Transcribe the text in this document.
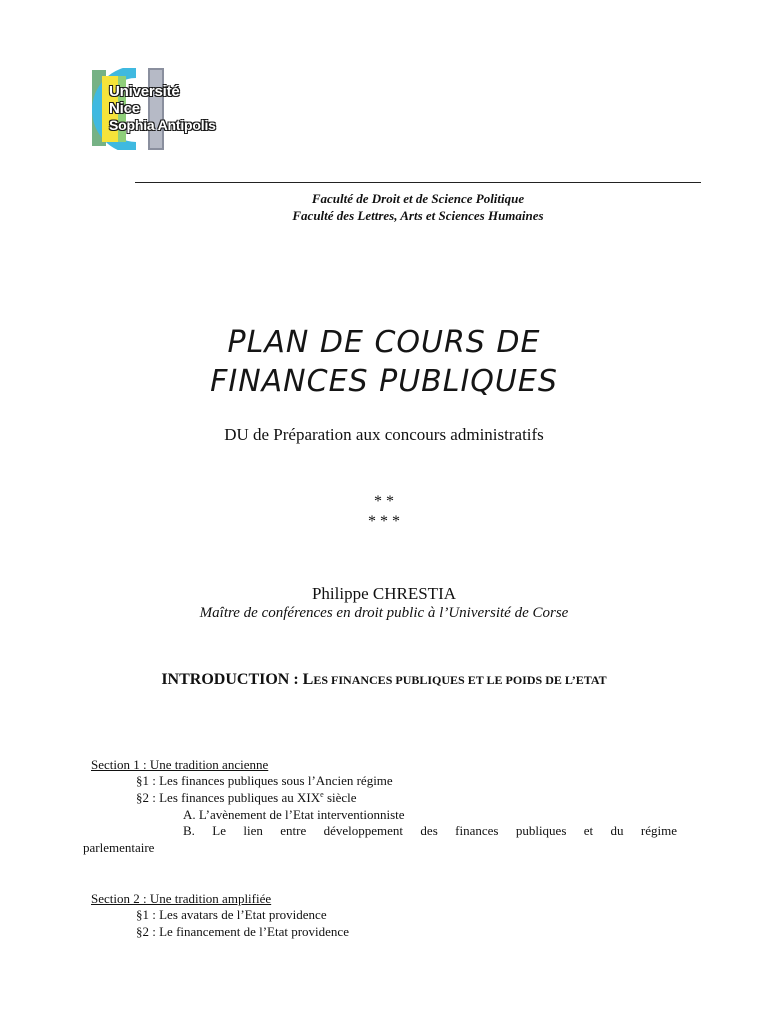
Université
Nice
Sophia Antipolis
Faculté de Droit et de Science Politique
Faculté des Lettres, Arts et Sciences Humaines
PLAN DE COURS DE
FINANCES PUBLIQUES
DU de Préparation aux concours administratifs
* *
* * *
Philippe CHRESTIA
Maître de conférences en droit public à l’Université de Corse
INTRODUCTION : LES FINANCES PUBLIQUES ET LE POIDS DE L’ETAT
Section 1 : Une tradition ancienne
§1 : Les finances publiques sous l’Ancien régime
§2 : Les finances publiques au XIXe siècle
A. L’avènement de l’Etat interventionniste
B. Le lien entre développement des finances publiques et du régime
parlementaire
Section 2 : Une tradition amplifiée
§1 : Les avatars de l’Etat providence
§2 : Le financement de l’Etat providence
